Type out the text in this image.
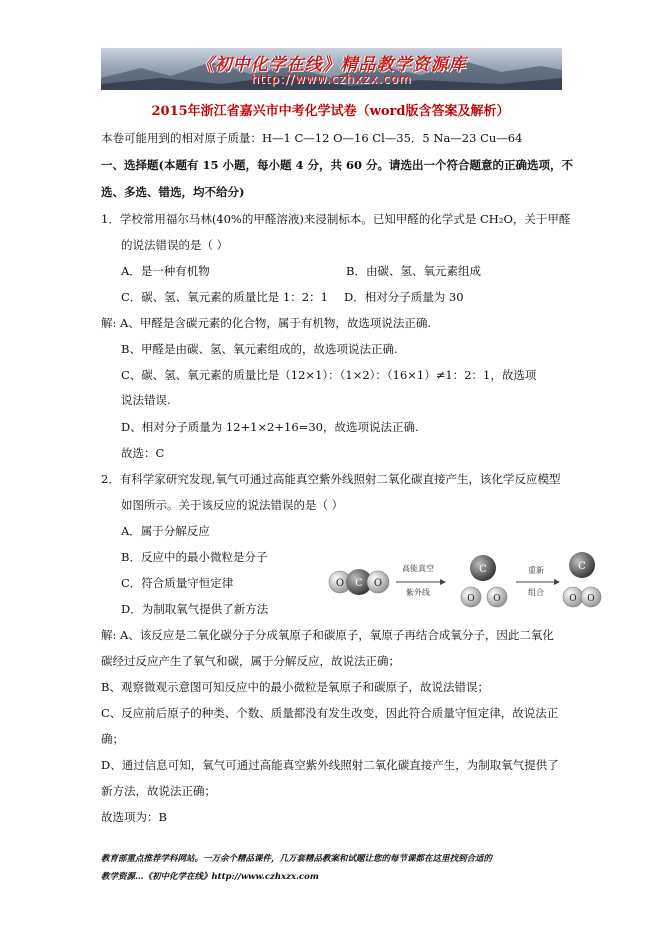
《初中化学在线》精品教学资源库
http://www.czhxzx.com
2015年浙江省嘉兴市中考化学试卷（word版含答案及解析）
本卷可能用到的相对原子质量：H—1 C—12 O—16 Cl—35．5 Na—23 Cu—64
一、选择题(本题有 15 小题，每小题 4 分，共 60 分。请选出一个符合题意的正确选项，不
选、多选、错选，均不给分)
1．学校常用福尔马林(40%的甲醛溶液)来浸制标本。已知甲醛的化学式是 CH₂O，关于甲醛
的说法错误的是（ ）
A．是一种有机物	B．由碳、氢、氧元素组成
C．碳、氢、氧元素的质量比是 1：2：1 D．相对分子质量为 30
解: A、甲醛是含碳元素的化合物，属于有机物，故选项说法正确.
B、甲醛是由碳、氢、氧元素组成的，故选项说法正确.
C、碳、氢、氧元素的质量比是（12×1）：（1×2）：（16×1）≠1：2：1，故选项
说法错误.
D、相对分子质量为 12+1×2+16=30，故选项说法正确.
故选：C
2．有科学家研究发现,氧气可通过高能真空紫外线照射二氧化碳直接产生，该化学反应模型
如图所示。关于该反应的说法错误的是（ ）
A．属于分解反应
B．反应中的最小微粒是分子
C．符合质量守恒定律
D．为制取氧气提供了新方法
O C O
高能真空
紫外线
C
O O
重新
组合
C
O O
解: A、该反应是二氧化碳分子分成氧原子和碳原子，氧原子再结合成氧分子，因此二氧化
碳经过反应产生了氧气和碳，属于分解反应，故说法正确；
B、观察微观示意图可知反应中的最小微粒是氧原子和碳原子，故说法错误；
C、反应前后原子的种类、个数、质量都没有发生改变，因此符合质量守恒定律，故说法正
确；
D、通过信息可知，氧气可通过高能真空紫外线照射二氧化碳直接产生，为制取氧气提供了
新方法，故说法正确；
故选项为：B
教育部重点推荐学科网站。一万余个精品课件，几万套精品教案和试题让您的每节课都在这里找到合适的
教学资源…《初中化学在线》http://www.czhxzx.com
